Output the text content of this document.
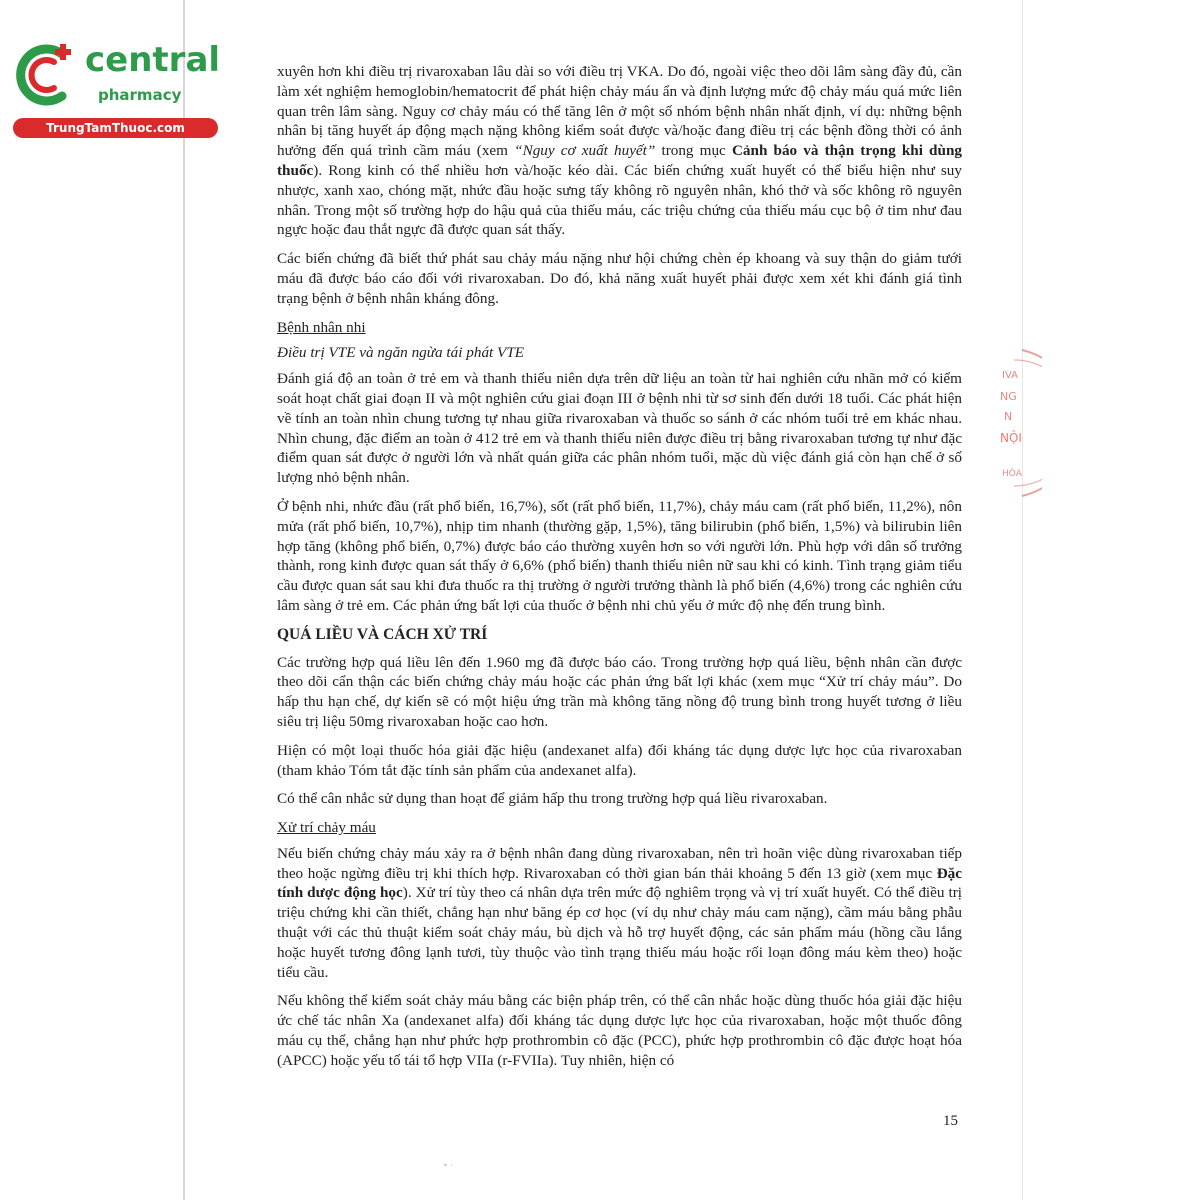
central
pharmacy
TrungTamThuoc.com
IVA
NG
N
NỘI
HÒA

xuyên hơn khi điều trị rivaroxaban lâu dài so với điều trị VKA. Do đó, ngoài việc theo dõi lâm sàng đầy đủ, cần làm xét nghiệm hemoglobin/hematocrit để phát hiện chảy máu ẩn và định lượng mức độ chảy máu quá mức liên quan trên lâm sàng. Nguy cơ chảy máu có thể tăng lên ở một số nhóm bệnh nhân nhất định, ví dụ: những bệnh nhân bị tăng huyết áp động mạch nặng không kiểm soát được và/hoặc đang điều trị các bệnh đồng thời có ảnh hưởng đến quá trình cầm máu (xem “Nguy cơ xuất huyết” trong mục Cảnh báo và thận trọng khi dùng thuốc). Rong kinh có thể nhiều hơn và/hoặc kéo dài. Các biến chứng xuất huyết có thể biểu hiện như suy nhược, xanh xao, chóng mặt, nhức đầu hoặc sưng tấy không rõ nguyên nhân, khó thở và sốc không rõ nguyên nhân. Trong một số trường hợp do hậu quả của thiếu máu, các triệu chứng của thiếu máu cục bộ ở tim như đau ngực hoặc đau thắt ngực đã được quan sát thấy.

Các biến chứng đã biết thứ phát sau chảy máu nặng như hội chứng chèn ép khoang và suy thận do giảm tưới máu đã được báo cáo đối với rivaroxaban. Do đó, khả năng xuất huyết phải được xem xét khi đánh giá tình trạng bệnh ở bệnh nhân kháng đông.

Bệnh nhân nhi

Điều trị VTE và ngăn ngừa tái phát VTE

Đánh giá độ an toàn ở trẻ em và thanh thiếu niên dựa trên dữ liệu an toàn từ hai nghiên cứu nhãn mở có kiểm soát hoạt chất giai đoạn II và một nghiên cứu giai đoạn III ở bệnh nhi từ sơ sinh đến dưới 18 tuổi. Các phát hiện về tính an toàn nhìn chung tương tự nhau giữa rivaroxaban và thuốc so sánh ở các nhóm tuổi trẻ em khác nhau. Nhìn chung, đặc điểm an toàn ở 412 trẻ em và thanh thiếu niên được điều trị bằng rivaroxaban tương tự như đặc điểm quan sát được ở người lớn và nhất quán giữa các phân nhóm tuổi, mặc dù việc đánh giá còn hạn chế ở số lượng nhỏ bệnh nhân.

Ở bệnh nhi, nhức đầu (rất phổ biến, 16,7%), sốt (rất phổ biến, 11,7%), chảy máu cam (rất phổ biến, 11,2%), nôn mửa (rất phổ biến, 10,7%), nhịp tim nhanh (thường gặp, 1,5%), tăng bilirubin (phổ biến, 1,5%) và bilirubin liên hợp tăng (không phổ biến, 0,7%) được báo cáo thường xuyên hơn so với người lớn. Phù hợp với dân số trưởng thành, rong kinh được quan sát thấy ở 6,6% (phổ biến) thanh thiếu niên nữ sau khi có kinh. Tình trạng giảm tiểu cầu được quan sát sau khi đưa thuốc ra thị trường ở người trưởng thành là phổ biến (4,6%) trong các nghiên cứu lâm sàng ở trẻ em. Các phản ứng bất lợi của thuốc ở bệnh nhi chủ yếu ở mức độ nhẹ đến trung bình.

QUÁ LIỀU VÀ CÁCH XỬ TRÍ

Các trường hợp quá liều lên đến 1.960 mg đã được báo cáo. Trong trường hợp quá liều, bệnh nhân cần được theo dõi cẩn thận các biến chứng chảy máu hoặc các phản ứng bất lợi khác (xem mục “Xử trí chảy máu”. Do hấp thu hạn chế, dự kiến sẽ có một hiệu ứng trần mà không tăng nồng độ trung bình trong huyết tương ở liều siêu trị liệu 50mg rivaroxaban hoặc cao hơn.

Hiện có một loại thuốc hóa giải đặc hiệu (andexanet alfa) đối kháng tác dụng dược lực học của rivaroxaban (tham khảo Tóm tắt đặc tính sản phẩm của andexanet alfa).

Có thể cân nhắc sử dụng than hoạt để giảm hấp thu trong trường hợp quá liều rivaroxaban.

Xử trí chảy máu

Nếu biến chứng chảy máu xảy ra ở bệnh nhân đang dùng rivaroxaban, nên trì hoãn việc dùng rivaroxaban tiếp theo hoặc ngừng điều trị khi thích hợp. Rivaroxaban có thời gian bán thải khoảng 5 đến 13 giờ (xem mục Đặc tính dược động học). Xử trí tùy theo cá nhân dựa trên mức độ nghiêm trọng và vị trí xuất huyết. Có thể điều trị triệu chứng khi cần thiết, chẳng hạn như băng ép cơ học (ví dụ như chảy máu cam nặng), cầm máu bằng phẫu thuật với các thủ thuật kiểm soát chảy máu, bù dịch và hỗ trợ huyết động, các sản phẩm máu (hồng cầu lắng hoặc huyết tương đông lạnh tươi, tùy thuộc vào tình trạng thiếu máu hoặc rối loạn đông máu kèm theo) hoặc tiểu cầu.

Nếu không thể kiểm soát chảy máu bằng các biện pháp trên, có thể cân nhắc hoặc dùng thuốc hóa giải đặc hiệu ức chế tác nhân Xa (andexanet alfa) đối kháng tác dụng dược lực học của rivaroxaban, hoặc một thuốc đông máu cụ thể, chẳng hạn như phức hợp prothrombin cô đặc (PCC), phức hợp prothrombin cô đặc được hoạt hóa (APCC) hoặc yếu tố tái tổ hợp VIIa (r-FVIIa). Tuy nhiên, hiện có

15
• ·
